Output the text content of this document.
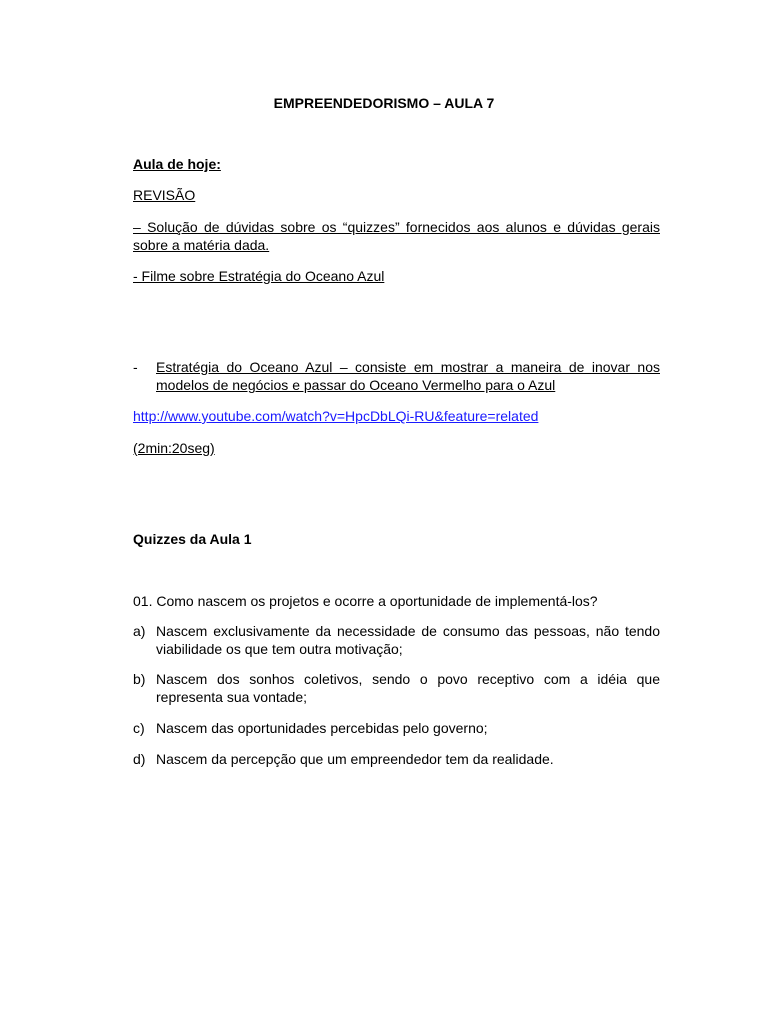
EMPREENDEDORISMO – AULA 7
Aula de hoje:
REVISÃO
– Solução de dúvidas sobre os “quizzes” fornecidos aos alunos e dúvidas gerais sobre a matéria dada.
- Filme sobre Estratégia do Oceano Azul
- Estratégia do Oceano Azul – consiste em mostrar a maneira de inovar nos modelos de negócios e passar do Oceano Vermelho para o Azul
http://www.youtube.com/watch?v=HpcDbLQi-RU&feature=related
(2min:20seg)
Quizzes da Aula 1
01. Como nascem os projetos e ocorre a oportunidade de implementá-los?
a) Nascem exclusivamente da necessidade de consumo das pessoas, não tendo viabilidade os que tem outra motivação;
b) Nascem dos sonhos coletivos, sendo o povo receptivo com a idéia que representa sua vontade;
c) Nascem das oportunidades percebidas pelo governo;
d) Nascem da percepção que um empreendedor tem da realidade.
